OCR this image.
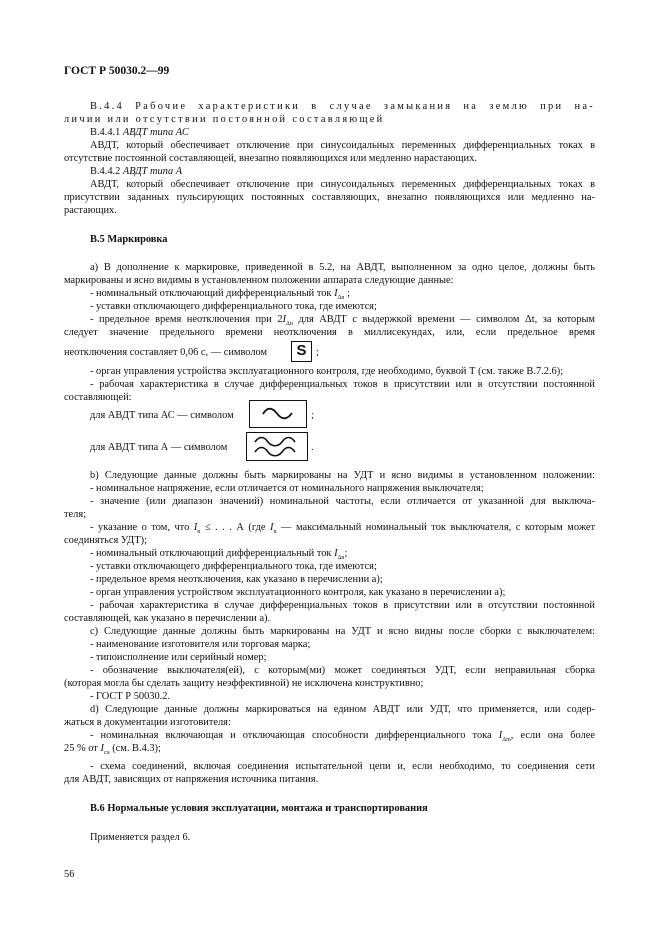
ГОСТ Р 50030.2—99
В.4.4 Рабочие характеристики в случае замыкания на землю при на-
личии или отсутствии постоянной составляющей
В.4.4.1 АВДТ типа АС
АВДТ, который обеспечивает отключение при синусоидальных переменных дифференциальных токах в
отсутствие постоянной составляющей, внезапно появляющихся или медленно нарастающих.
В.4.4.2 АВДТ типа А
АВДТ, который обеспечивает отключение при синусоидальных переменных дифференциальных токах в
присутствии заданных пульсирующих постоянных составляющих, внезапно появляющихся или медленно на-
растающих.
В.5 Маркировка
а) В дополнение к маркировке, приведенной в 5.2, на АВДТ, выполненном за одно целое, должны быть
маркированы и ясно видимы в установленном положении аппарата следующие данные:
- номинальный отключающий дифференциальный ток $I_{\Delta n}$ ;
- уставки отключающего дифференциального тока, где имеются;
- предельное время неотключения при $2I_{\Delta n}$ для АВДТ с выдержкой времени — символом Δt, за которым
следует значение предельного времени неотключения в миллисекундах, или, если предельное время
неотключения составляет 0,06 с, — символом S ;
- орган управления устройства эксплуатационного контроля, где необходимо, буквой Т (см. также В.7.2.6);
- рабочая характеристика в случае дифференциальных токов в присутствии или в отсутствии постоянной
составляющей:
для АВДТ типа АС — символом	;
для АВДТ типа А — символом	.
b) Следующие данные должны быть маркированы на УДТ и ясно видимы в установленном положении:
- номинальное напряжение, если отличается от номинального напряжения выключателя;
- значение (или диапазон значений) номинальной частоты, если отличается от указанной для выключа-
теля;
- указание о том, что $I_n$ ≤ . . . А (где $I_n$ — максимальный номинальный ток выключателя, с которым может
соединяться УДТ);
- номинальный отключающий дифференциальный ток $I_{\Delta n}$;
- уставки отключающего дифференциального тока, где имеются;
- предельное время неотключения, как указано в перечислении а);
- орган управления устройством эксплуатационного контроля, как указано в перечислении а);
- рабочая характеристика в случае дифференциальных токов в присутствии или в отсутствии постоянной
составляющей, как указано в перечислении а).
с) Следующие данные должны быть маркированы на УДТ и ясно видны после сборки с выключателем:
- наименование изготовителя или торговая марка;
- типоисполнение или серийный номер;
- обозначение выключателя(ей), с которым(ми) может соединяться УДТ, если неправильная сборка
(которая могла бы сделать защиту неэффективной) не исключена конструктивно;
- ГОСТ Р 50030.2.
d) Следующие данные должны маркироваться на едином АВДТ или УДТ, что применяется, или содер-
жаться в документации изготовителя:
- номинальная включающая и отключающая способности дифференциального тока $I_{\Delta m}$, если она более
25 % от $I_{cu}$ (см. В.4.3);
- схема соединений, включая соединения испытательной цепи и, если необходимо, то соединения сети
для АВДТ, зависящих от напряжения источника питания.
В.6 Нормальные условия эксплуатации, монтажа и транспортирования
Применяется раздел 6.
56
